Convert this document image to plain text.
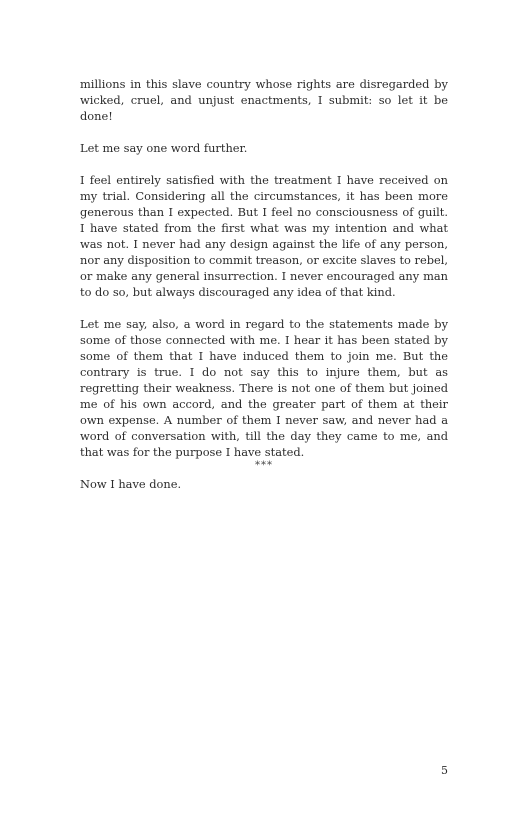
millions in this slave country whose rights are disregarded by wicked, cruel, and unjust enactments, I submit: so let it be done!

Let me say one word further.

I feel entirely satisfied with the treatment I have received on my trial. Considering all the circumstances, it has been more generous than I expected. But I feel no consciousness of guilt. I have stated from the first what was my intention and what was not. I never had any design against the life of any person, nor any disposition to commit treason, or excite slaves to rebel, or make any general insurrection. I never encouraged any man to do so, but always discouraged any idea of that kind.

Let me say, also, a word in regard to the statements made by some of those connected with me. I hear it has been stated by some of them that I have induced them to join me. But the contrary is true. I do not say this to injure them, but as regretting their weakness. There is not one of them but joined me of his own accord, and the greater part of them at their own expense. A number of them I never saw, and never had a word of conversation with, till the day they came to me, and that was for the purpose I have stated.

Now I have done.

***
5
